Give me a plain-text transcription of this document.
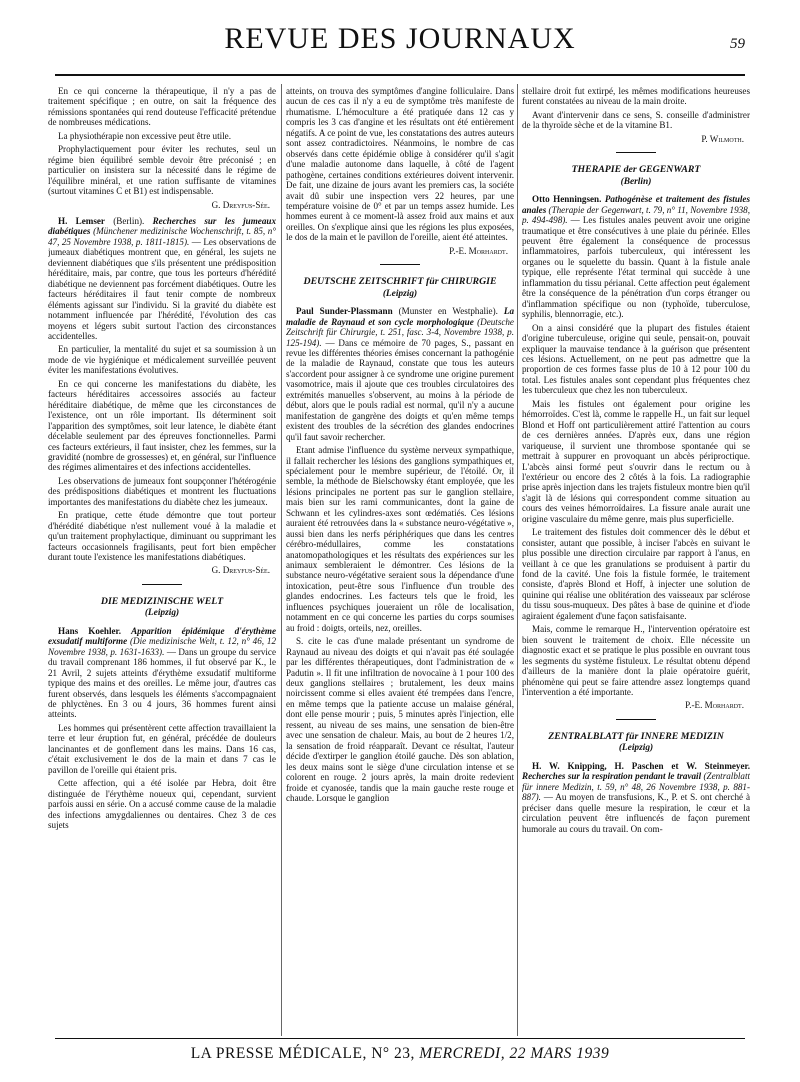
REVUE DES JOURNAUX	59

En ce qui concerne la thérapeutique, il n'y a pas de traitement spécifique ; en outre, on sait la fréquence des rémissions spontanées qui rend douteuse l'efficacité prétendue de nombreuses médications.

La physiothérapie non excessive peut être utile.

Prophylactiquement pour éviter les rechutes, seul un régime bien équilibré semble devoir être préconisé ; en particulier on insistera sur la nécessité dans le régime de l'équilibre minéral, et une ration suffisante de vitamines (surtout vitamines C et B1) est indispensable.

G. Dreyfus-Sée.

H. Lemser (Berlin). Recherches sur les jumeaux diabétiques (Münchener medizinische Wochenschrift, t. 85, n° 47, 25 Novembre 1938, p. 1811-1815). — Les observations de jumeaux diabétiques montrent que, en général, les sujets ne deviennent diabétiques que s'ils présentent une prédisposition héréditaire, mais, par contre, que tous les porteurs d'hérédité diabétique ne deviennent pas forcément diabétiques. Outre les facteurs héréditaires il faut tenir compte de nombreux éléments agissant sur l'individu. Si la gravité du diabète est notamment influencée par l'hérédité, l'évolution des cas moyens et légers subit surtout l'action des circonstances accidentelles.

En particulier, la mentalité du sujet et sa soumission à un mode de vie hygiénique et médicalement surveillée peuvent éviter les manifestations évolutives.

En ce qui concerne les manifestations du diabète, les facteurs héréditaires accessoires associés au facteur héréditaire diabétique, de même que les circonstances de l'existence, ont un rôle important. Ils déterminent soit l'apparition des symptômes, soit leur latence, le diabète étant décelable seulement par des épreuves fonctionnelles. Parmi ces facteurs extérieurs, il faut insister, chez les femmes, sur la gravidité (nombre de grossesses) et, en général, sur l'influence des régimes alimentaires et des infections accidentelles.

Les observations de jumeaux font soupçonner l'hétérogénie des prédispositions diabétiques et montrent les fluctuations importantes des manifestations du diabète chez les jumeaux.

En pratique, cette étude démontre que tout porteur d'hérédité diabétique n'est nullement voué à la maladie et qu'un traitement prophylactique, diminuant ou supprimant les facteurs occasionnels fragilisants, peut fort bien empêcher durant toute l'existence les manifestations diabétiques.

G. Dreyfus-Sée.

DIE MEDIZINISCHE WELT

(Leipzig)

Hans Koehler. Apparition épidémique d'érythème exsudatif multiforme (Die medizinische Welt, t. 12, n° 46, 12 Novembre 1938, p. 1631-1633). — Dans un groupe du service du travail comprenant 186 hommes, il fut observé par K., le 21 Avril, 2 sujets atteints d'érythème exsudatif multiforme typique des mains et des oreilles. Le même jour, d'autres cas furent observés, dans lesquels les éléments s'accompagnaient de phlyctènes. En 3 ou 4 jours, 36 hommes furent ainsi atteints.

Les hommes qui présentèrent cette affection travaillaient la terre et leur éruption fut, en général, précédée de douleurs lancinantes et de gonflement dans les mains. Dans 16 cas, c'était exclusivement le dos de la main et dans 7 cas le pavillon de l'oreille qui étaient pris.

Cette affection, qui a été isolée par Hebra, doit être distinguée de l'érythème noueux qui, cependant, survient parfois aussi en série. On a accusé comme cause de la maladie des infections amygdaliennes ou dentaires. Chez 3 de ces sujets

atteints, on trouva des symptômes d'angine folliculaire. Dans aucun de ces cas il n'y a eu de symptôme très manifeste de rhumatisme. L'hémoculture a été pratiquée dans 12 cas y compris les 3 cas d'angine et les résultats ont été entièrement négatifs. A ce point de vue, les constatations des autres auteurs sont assez contradictoires. Néanmoins, le nombre de cas observés dans cette épidémie oblige à considérer qu'il s'agit d'une maladie autonome dans laquelle, à côté de l'agent pathogène, certaines conditions extérieures doivent intervenir. De fait, une dizaine de jours avant les premiers cas, la sociéte avait dû subir une inspection vers 22 heures, par une température voisine de 0° et par un temps assez humide. Les hommes eurent à ce moment-là assez froid aux mains et aux oreilles. On s'explique ainsi que les régions les plus exposées, le dos de la main et le pavillon de l'oreille, aient été atteintes.

P.-E. Morhardt.

DEUTSCHE ZEITSCHRIFT für CHIRURGIE

(Leipzig)

Paul Sunder-Plassmann (Munster en Westphalie). La maladie de Raynaud et son cycle morphologique (Deutsche Zeitschrift für Chirurgie, t. 251, fasc. 3-4, Novembre 1938, p. 125-194). — Dans ce mémoire de 70 pages, S., passant en revue les différentes théories émises concernant la pathogénie de la maladie de Raynaud, constate que tous les auteurs s'accordent pour assigner à ce syndrome une origine purement vasomotrice, mais il ajoute que ces troubles circulatoires des extrémités manuelles s'observent, au moins à la période de début, alors que le pouls radial est normal, qu'il n'y a aucune manifestation de gangrène des doigts et qu'en même temps existent des troubles de la sécrétion des glandes endocrines qu'il faut savoir rechercher.

Etant admise l'influence du système nerveux sympathique, il fallait rechercher les lésions des ganglions sympathiques et, spécialement pour le membre supérieur, de l'étoilé. Or, il semble, la méthode de Bielschowsky étant employée, que les lésions principales ne portent pas sur le ganglion stellaire, mais bien sur les rami communicantes, dont la gaine de Schwann et les cylindres-axes sont œdématiés. Ces lésions auraient été retrouvées dans la « substance neuro-végétative », aussi bien dans les nerfs périphériques que dans les centres cérébro-médullaires, comme les constatations anatomopathologiques et les résultats des expériences sur les animaux sembleraient le démontrer. Ces lésions de la substance neuro-végétative seraient sous la dépendance d'une intoxication, peut-être sous l'influence d'un trouble des glandes endocrines. Les facteurs tels que le froid, les influences psychiques joueraient un rôle de localisation, notamment en ce qui concerne les parties du corps soumises au froid : doigts, orteils, nez, oreilles.

S. cite le cas d'une malade présentant un syndrome de Raynaud au niveau des doigts et qui n'avait pas été soulagée par les différentes thérapeutiques, dont l'administration de « Padutin ». Il fit une infiltration de novocaïne à 1 pour 100 des deux ganglions stellaires ; brutalement, les deux mains noircissent comme si elles avaient été trempées dans l'encre, en même temps que la patiente accuse un malaise général, dont elle pense mourir ; puis, 5 minutes après l'injection, elle ressent, au niveau de ses mains, une sensation de bien-être avec une sensation de chaleur. Mais, au bout de 2 heures 1/2, la sensation de froid réapparaît. Devant ce résultat, l'auteur décide d'extirper le ganglion étoilé gauche. Dès son ablation, les deux mains sont le siège d'une circulation intense et se colorent en rouge. 2 jours après, la main droite redevient froide et cyanosée, tandis que la main gauche reste rouge et chaude. Lorsque le ganglion

stellaire droit fut extirpé, les mêmes modifications heureuses furent constatées au niveau de la main droite.

Avant d'intervenir dans ce sens, S. conseille d'administrer de la thyroïde sèche et de la vitamine B1.

P. Wilmoth.

THERAPIE der GEGENWART

(Berlin)

Otto Henningsen. Pathogénèse et traitement des fistules anales (Therapie der Gegenwart, t. 79, n° 11, Novembre 1938, p. 494-498). — Les fistules anales peuvent avoir une origine traumatique et être consécutives à une plaie du périnée. Elles peuvent être également la conséquence de processus inflammatoires, parfois tuberculeux, qui intéressent les organes ou le squelette du bassin. Quant à la fistule anale typique, elle représente l'état terminal qui succède à une inflammation du tissu périanal. Cette affection peut également être la conséquence de la pénétration d'un corps étranger ou d'inflammation spécifique ou non (typhoïde, tuberculose, syphilis, blennorragie, etc.).

On a ainsi considéré que la plupart des fistules étaient d'origine tuberculeuse, origine qui seule, pensait-on, pouvait expliquer la mauvaise tendance à la guérison que présentent ces lésions. Actuellement, on ne peut pas admettre que la proportion de ces formes fasse plus de 10 à 12 pour 100 du total. Les fistules anales sont cependant plus fréquentes chez les tuberculeux que chez les non tuberculeux.

Mais les fistules ont également pour origine les hémorroïdes. C'est là, comme le rappelle H., un fait sur lequel Blond et Hoff ont particulièrement attiré l'attention au cours de ces dernières années. D'après eux, dans une région variqueuse, il survient une thrombose spontanée qui se mettrait à suppurer en provoquant un abcès périproctique. L'abcès ainsi formé peut s'ouvrir dans le rectum ou à l'extérieur ou encore des 2 côtés à la fois. La radiographie prise après injection dans les trajets fistuleux montre bien qu'il s'agit là de lésions qui correspondent comme situation au cours des veines hémorroïdaires. La fissure anale aurait une origine vasculaire du même genre, mais plus superficielle.

Le traitement des fistules doit commencer dès le début et consister, autant que possible, à inciser l'abcès en suivant le plus possible une direction circulaire par rapport à l'anus, en veillant à ce que les granulations se produisent à partir du fond de la cavité. Une fois la fistule formée, le traitement consiste, d'après Blond et Hoff, à injecter une solution de quinine qui réalise une oblitération des vaisseaux par sclérose du tissu sous-muqueux. Des pâtes à base de quinine et d'iode agiraient également d'une façon satisfaisante.

Mais, comme le remarque H., l'intervention opératoire est bien souvent le traitement de choix. Elle nécessite un diagnostic exact et se pratique le plus possible en ouvrant tous les segments du système fistuleux. Le résultat obtenu dépend d'ailleurs de la manière dont la plaie opératoire guérit, phénomène qui peut se faire attendre assez longtemps quand l'intervention a été importante.

P.-E. Morhardt.

ZENTRALBLATT für INNERE MEDIZIN

(Leipzig)

H. W. Knipping, H. Paschen et W. Steinmeyer. Recherches sur la respiration pendant le travail (Zentralblatt für innere Medizin, t. 59, n° 48, 26 Novembre 1938, p. 881-887). — Au moyen de transfusions, K., P. et S. ont cherché à préciser dans quelle mesure la respiration, le cœur et la circulation peuvent être influencés de façon purement humorale au cours du travail. On com-

LA PRESSE MÉDICALE, N° 23, MERCREDI, 22 MARS 1939
